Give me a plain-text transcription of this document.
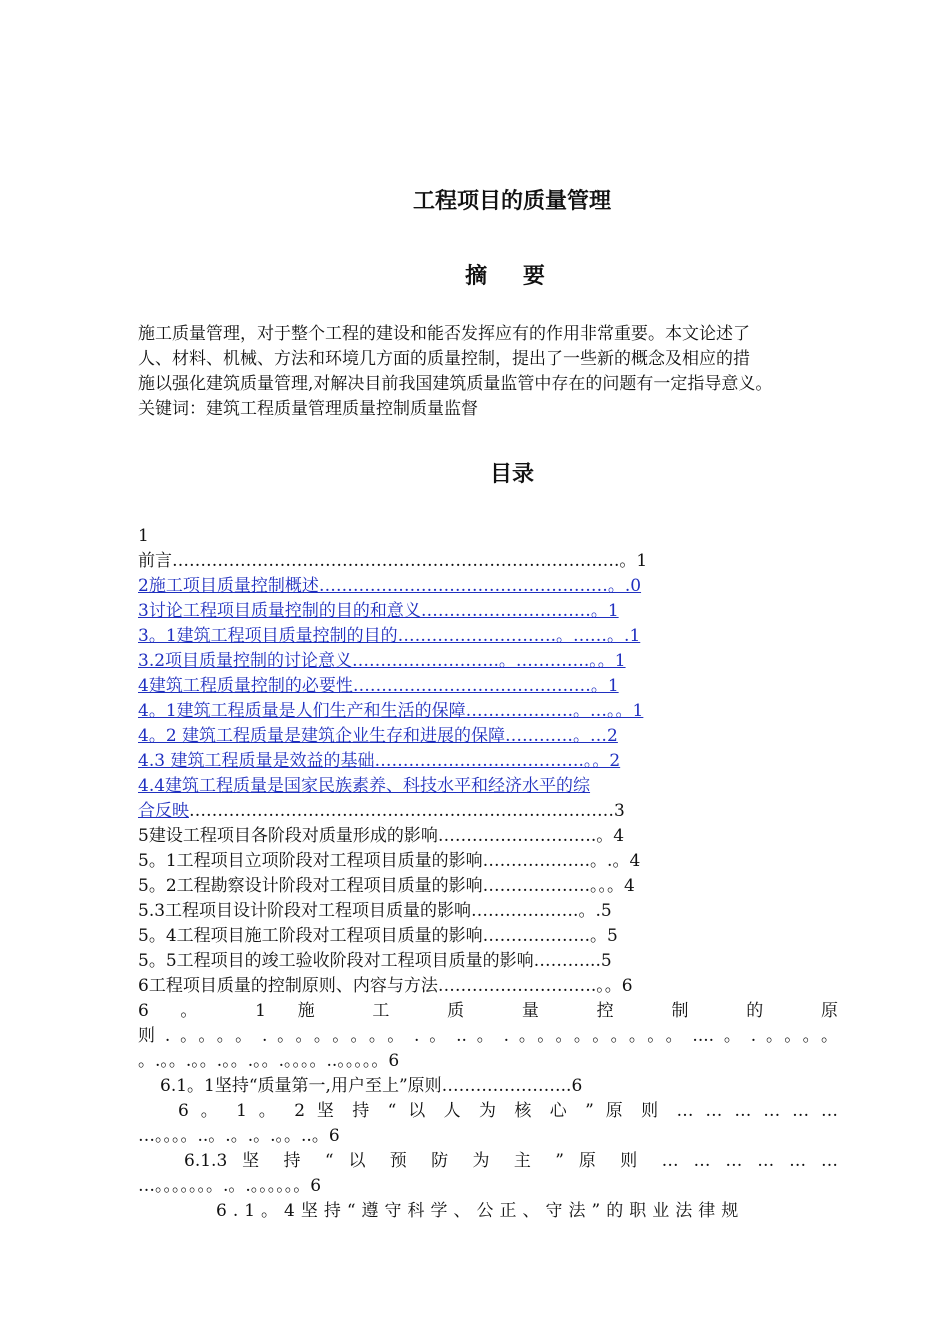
工程项目的质量管理
摘 要

施工质量管理，对于整个工程的建设和能否发挥应有的作用非常重要。本文论述了

人、材料、机械、方法和环境几方面的质量控制，提出了一些新的概念及相应的措

施以强化建筑质量管理,对解决目前我国建筑质量监管中存在的问题有一定指导意义。

关键词：建筑工程质量管理质量控制质量监督

目录
1
前言…………………………………………………………………….。1
2施工项目质量控制概述……………………………………………。.0
3讨论工程项目质量控制的目的和意义…………………………。1
3。1建筑工程项目质量控制的目的……………………….。……。.1
3.2项目质量控制的讨论意义……………………..。………….。。1
4建筑工程质量控制的必要性……………………………………。1
4。1建筑工程质量是人们生产和生活的保障……………….。…。。1
4。2 建筑工程质量是建筑企业生存和进展的保障…………。…2
4.3 建筑工程质量是效益的基础……………………………….。。2
4.4建筑工程质量是国家民族素养、科技水平和经济水平的综
合反映…………………………………………………………………3
5建设工程项目各阶段对质量形成的影响……………………….。4
5。1工程项目立项阶段对工程项目质量的影响……………….。.。4
5。2工程勘察设计阶段对工程项目质量的影响……………….。。。4
5.3工程项目设计阶段对工程项目质量的影响……………….。.5
5。4工程项目施工阶段对工程项目质量的影响……………….。5
5。5工程项目的竣工验收阶段对工程项目质量的影响………...5
6工程项目质量的控制原则、内容与方法……………………….。。6
6 。 1 施 工 质 量 控 制 的 原
则.。。。。.。。。。。。。.。..。.。。。。。。。。。....。.。。。。
。.。。.。。.。。.。。.。。。。..。。。。。6
6.1。1坚持“质量第一,用户至上”原则…………………..6
6 。 1 。 2 坚 持 “ 以 人 为 核 心 ” 原 则 … … … … … …
…。。。。..。.。.。.。。..。6
6.1.3 坚 持 “ 以 预 防 为 主 ” 原 则 … … … … … …
…。。。。。。。.。.。。。。。。6
6.1。4坚持“遵守科学、公正、守法”的职业法律规
